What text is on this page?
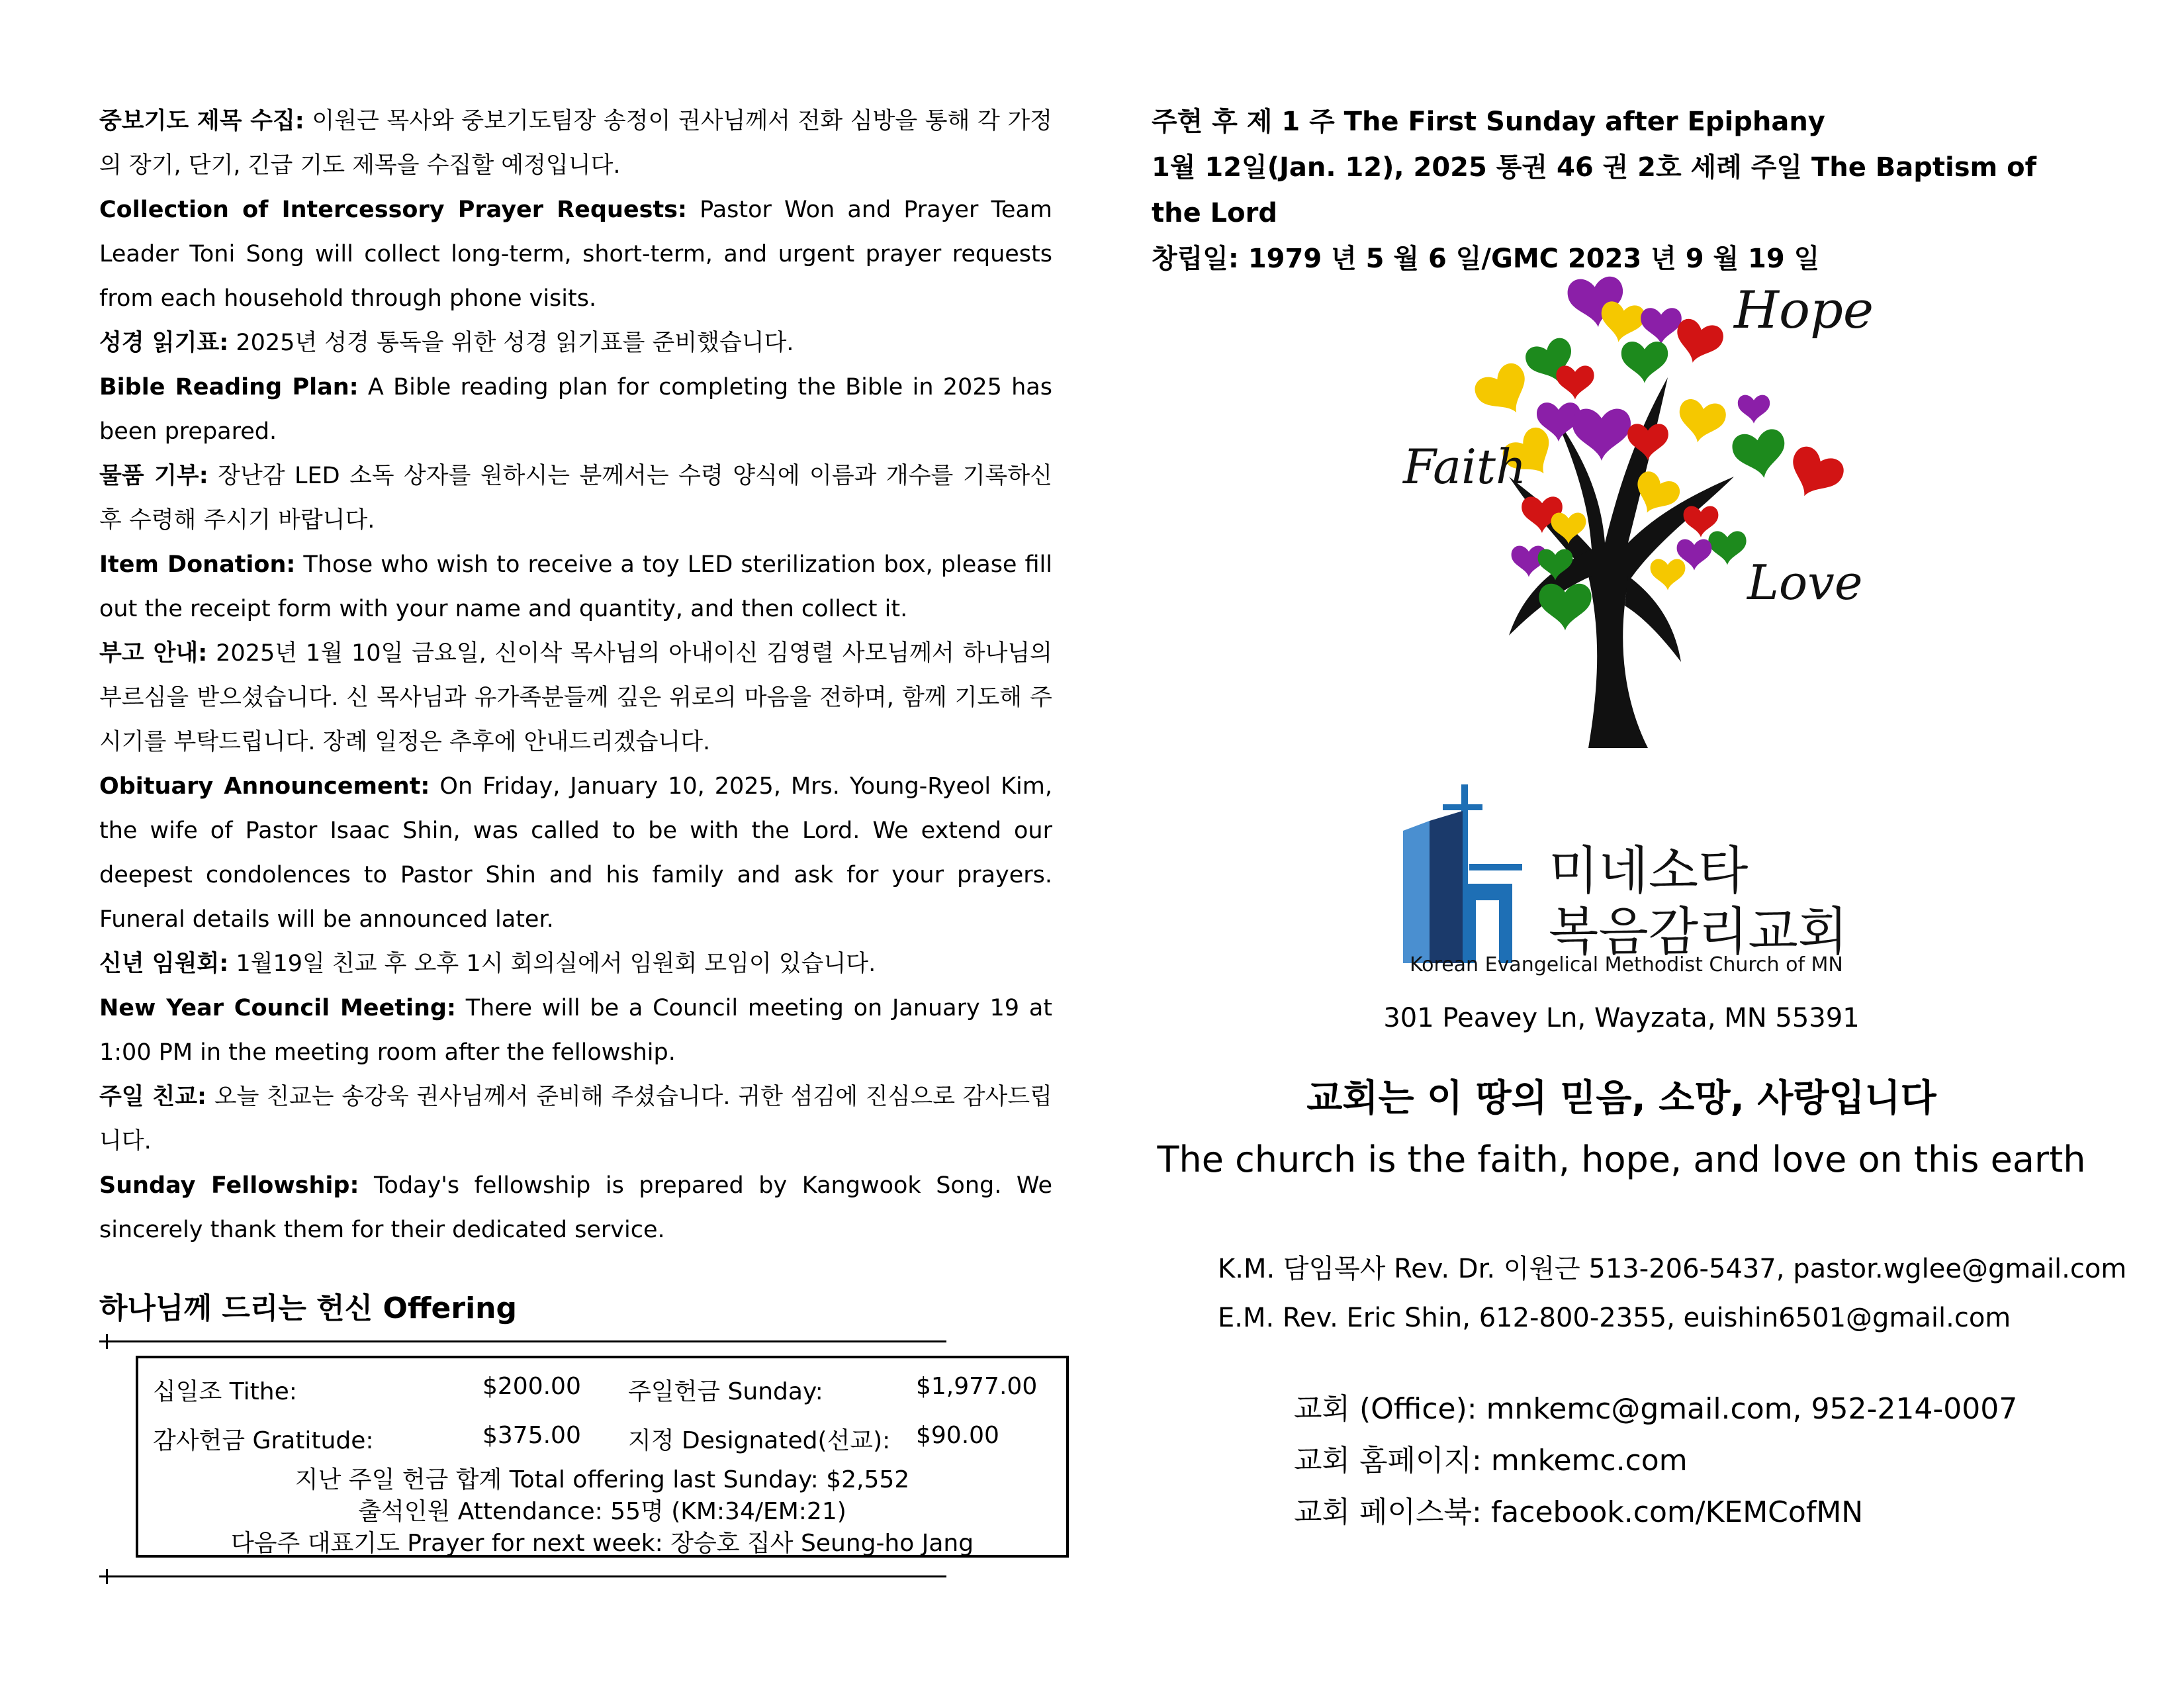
중보기도 제목 수집: 이원근 목사와 중보기도팀장 송정이 권사님께서 전화 심방을 통해 각 가정의 장기, 단기, 긴급 기도 제목을 수집할 예정입니다.

Collection of Intercessory Prayer Requests: Pastor Won and Prayer Team Leader Toni Song will collect long-term, short-term, and urgent prayer requests from each household through phone visits.

성경 읽기표: 2025년 성경 통독을 위한 성경 읽기표를 준비했습니다.

Bible Reading Plan: A Bible reading plan for completing the Bible in 2025 has been prepared.

물품 기부: 장난감 LED 소독 상자를 원하시는 분께서는 수령 양식에 이름과 개수를 기록하신 후 수령해 주시기 바랍니다.

Item Donation: Those who wish to receive a toy LED sterilization box, please fill out the receipt form with your name and quantity, and then collect it.

부고 안내: 2025년 1월 10일 금요일, 신이삭 목사님의 아내이신 김영렬 사모님께서 하나님의 부르심을 받으셨습니다. 신 목사님과 유가족분들께 깊은 위로의 마음을 전하며, 함께 기도해 주시기를 부탁드립니다. 장례 일정은 추후에 안내드리겠습니다.

Obituary Announcement: On Friday, January 10, 2025, Mrs. Young-Ryeol Kim, the wife of Pastor Isaac Shin, was called to be with the Lord. We extend our deepest condolences to Pastor Shin and his family and ask for your prayers. Funeral details will be announced later.

신년 임원회: 1월19일 친교 후 오후 1시 회의실에서 임원회 모임이 있습니다.

New Year Council Meeting: There will be a Council meeting on January 19 at 1:00 PM in the meeting room after the fellowship.

주일 친교: 오늘 친교는 송강욱 권사님께서 준비해 주셨습니다. 귀한 섬김에 진심으로 감사드립니다.

Sunday Fellowship: Today's fellowship is prepared by Kangwook Song. We sincerely thank them for their dedicated service.

하나님께 드리는 헌신 Offering
십일조 Tithe:	$200.00 주일헌금 Sunday:	$1,977.00
감사헌금 Gratitude:	$375.00 지정 Designated(선교): $90.00
지난 주일 헌금 합계 Total offering last Sunday: $2,552
출석인원 Attendance: 55명 (KM:34/EM:21)
다음주 대표기도 Prayer for next week: 장승호 집사 Seung-ho Jang
주현 후 제 1 주 The First Sunday after Epiphany
1월 12일(Jan. 12), 2025 통권 46 권 2호 세례 주일 The Baptism of the Lord
창립일: 1979 년 5 월 6 일/GMC 2023 년 9 월 19 일
Hope
Faith
Love
미네소타
복음감리교회
Korean Evangelical Methodist Church of MN
301 Peavey Ln, Wayzata, MN 55391
교회는 이 땅의 믿음, 소망, 사랑입니다
The church is the faith, hope, and love on this earth
K.M. 담임목사 Rev. Dr. 이원근 513-206-5437, pastor.wglee@gmail.com
E.M. Rev. Eric Shin, 612-800-2355, euishin6501@gmail.com
교회 (Office): mnkemc@gmail.com, 952-214-0007
교회 홈페이지: mnkemc.com
교회 페이스북: facebook.com/KEMCofMN
